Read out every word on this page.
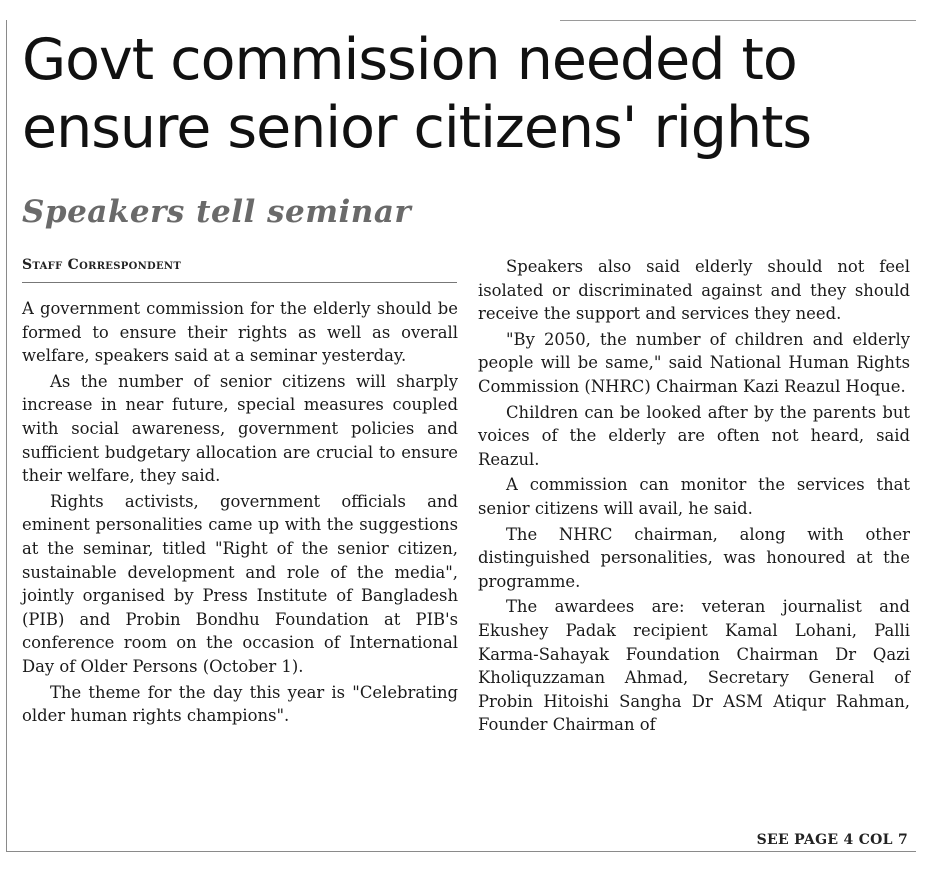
Govt commission needed to ensure senior citizens' rights
Speakers tell seminar
Staff Correspondent

A government commission for the elderly should be formed to ensure their rights as well as overall welfare, speakers said at a seminar yesterday.

As the number of senior citizens will sharply increase in near future, special measures coupled with social awareness, government policies and sufficient budgetary allocation are crucial to ensure their welfare, they said.

Rights activists, government officials and eminent personalities came up with the suggestions at the seminar, titled "Right of the senior citizen, sustainable development and role of the media", jointly organised by Press Institute of Bangladesh (PIB) and Probin Bondhu Foundation at PIB's conference room on the occasion of International Day of Older Persons (October 1).

The theme for the day this year is "Celebrating older human rights champions".

Speakers also said elderly should not feel isolated or discriminated against and they should receive the support and services they need.

"By 2050, the number of children and elderly people will be same," said National Human Rights Commission (NHRC) Chairman Kazi Reazul Hoque.

Children can be looked after by the parents but voices of the elderly are often not heard, said Reazul.

A commission can monitor the services that senior citizens will avail, he said.

The NHRC chairman, along with other distinguished personalities, was honoured at the programme.

The awardees are: veteran journalist and Ekushey Padak recipient Kamal Lohani, Palli Karma-Sahayak Foundation Chairman Dr Qazi Kholiquzzaman Ahmad, Secretary General of Probin Hitoishi Sangha Dr ASM Atiqur Rahman, Founder Chairman of

SEE PAGE 4 COL 7
